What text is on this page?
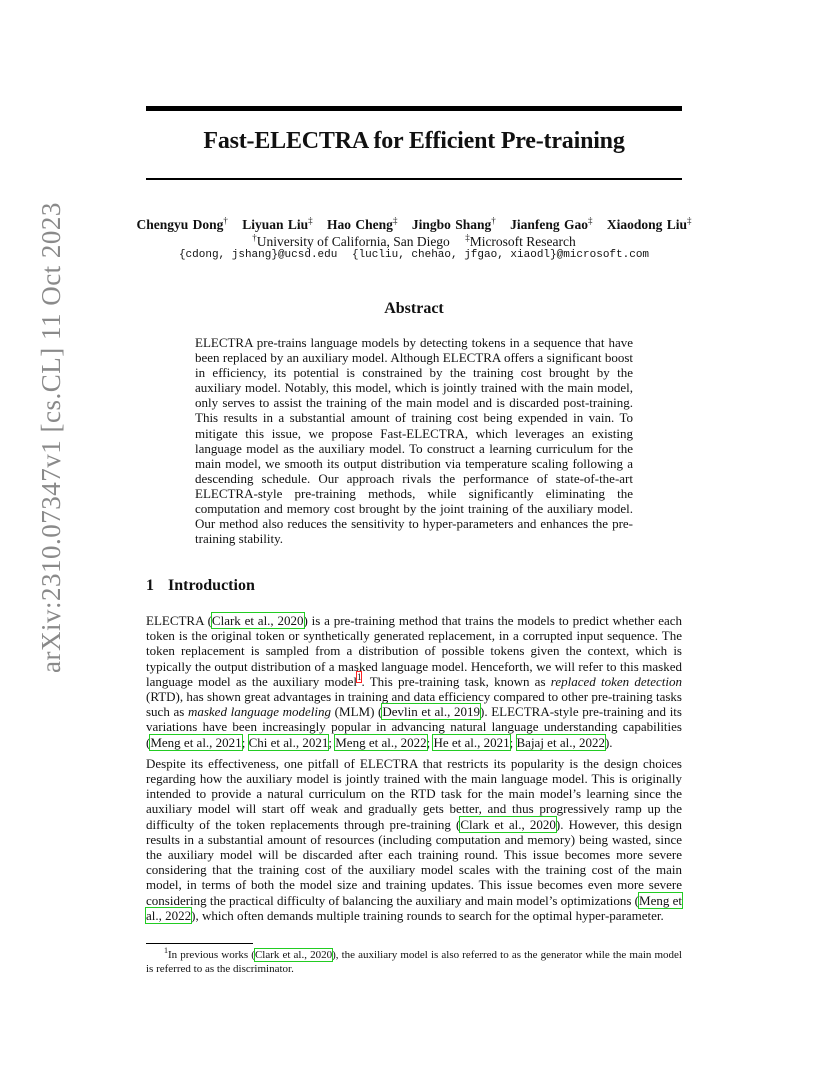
arXiv:2310.07347v1 [cs.CL] 11 Oct 2023
Fast-ELECTRA for Efficient Pre-training
Chengyu Dong† Liyuan Liu‡ Hao Cheng‡ Jingbo Shang† Jianfeng Gao‡ Xiaodong Liu‡
†University of California, San Diego ‡Microsoft Research
{cdong, jshang}@ucsd.edu {lucliu, chehao, jfgao, xiaodl}@microsoft.com
Abstract
ELECTRA pre-trains language models by detecting tokens in a sequence that have been replaced by an auxiliary model. Although ELECTRA offers a significant boost in efficiency, its potential is constrained by the training cost brought by the auxiliary model. Notably, this model, which is jointly trained with the main model, only serves to assist the training of the main model and is discarded post-training. This results in a substantial amount of training cost being expended in vain. To mitigate this issue, we propose Fast-ELECTRA, which leverages an existing language model as the auxiliary model. To construct a learning curriculum for the main model, we smooth its output distribution via temperature scaling following a descending schedule. Our approach rivals the performance of state-of-the-art ELECTRA-style pre-training methods, while significantly eliminating the computation and memory cost brought by the joint training of the auxiliary model. Our method also reduces the sensitivity to hyper-parameters and enhances the pre-training stability.
1 Introduction

ELECTRA (Clark et al., 2020) is a pre-training method that trains the models to predict whether each token is the original token or synthetically generated replacement, in a corrupted input sequence. The token replacement is sampled from a distribution of possible tokens given the context, which is typically the output distribution of a masked language model. Henceforth, we will refer to this masked language model as the auxiliary model$^1$. This pre-training task, known as replaced token detection (RTD), has shown great advantages in training and data efficiency compared to other pre-training tasks such as masked language modeling (MLM) (Devlin et al., 2019). ELECTRA-style pre-training and its variations have been increasingly popular in advancing natural language understanding capabilities (Meng et al., 2021; Chi et al., 2021; Meng et al., 2022; He et al., 2021; Bajaj et al., 2022).

Despite its effectiveness, one pitfall of ELECTRA that restricts its popularity is the design choices regarding how the auxiliary model is jointly trained with the main language model. This is originally intended to provide a natural curriculum on the RTD task for the main model’s learning since the auxiliary model will start off weak and gradually gets better, and thus progressively ramp up the difficulty of the token replacements through pre-training (Clark et al., 2020). However, this design results in a substantial amount of resources (including computation and memory) being wasted, since the auxiliary model will be discarded after each training round. This issue becomes more severe considering that the training cost of the auxiliary model scales with the training cost of the main model, in terms of both the model size and training updates. This issue becomes even more severe considering the practical difficulty of balancing the auxiliary and main model’s optimizations (Meng et al., 2022), which often demands multiple training rounds to search for the optimal hyper-parameter.

$^1$In previous works (Clark et al., 2020), the auxiliary model is also referred to as the generator while the main model is referred to as the discriminator.
